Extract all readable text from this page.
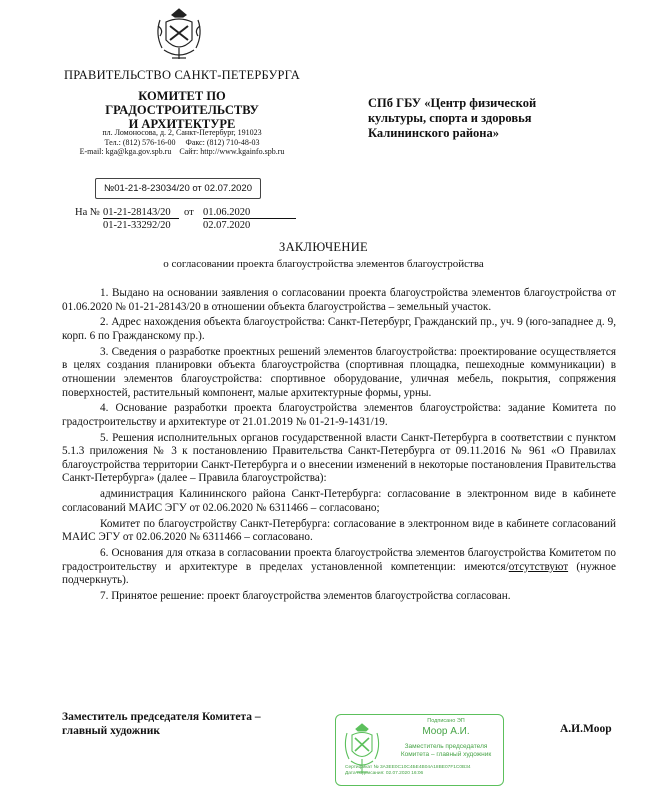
ПРАВИТЕЛЬСТВО САНКТ-ПЕТЕРБУРГА
КОМИТЕТ ПО ГРАДОСТРОИТЕЛЬСТВУ
И АРХИТЕКТУРЕ
пл. Ломоносова, д. 2, Санкт-Петербург, 191023
Тел.: (812) 576-16-00 Факс: (812) 710-48-03
E-mail: kga@kga.gov.spb.ru Сайт: http://www.kgainfo.spb.ru
СПб ГБУ «Центр физической
культуры, спорта и здоровья
Калининского района»
№01-21-8-23034/20 от 02.07.2020
На № 01-21-28143/20	от 01.06.2020
01-21-33292/20	02.07.2020
ЗАКЛЮЧЕНИЕ
о согласовании проекта благоустройства элементов благоустройства

1. Выдано на основании заявления о согласовании проекта благоустройства элементов благоустройства от 01.06.2020 № 01-21-28143/20 в отношении объекта благоустройства – земельный участок.

2. Адрес нахождения объекта благоустройства: Санкт-Петербург, Гражданский пр., уч. 9 (юго-западнее д. 9, корп. 6 по Гражданскому пр.).

3. Сведения о разработке проектных решений элементов благоустройства: проектирование осуществляется в целях создания планировки объекта благоустройства (спортивная площадка, пешеходные коммуникации) в отношении элементов благоустройства: спортивное оборудование, уличная мебель, покрытия, сопряжения поверхностей, растительный компонент, малые архитектурные формы, урны.

4. Основание разработки проекта благоустройства элементов благоустройства: задание Комитета по градостроительству и архитектуре от 21.01.2019 № 01-21-9-1431/19.

5. Решения исполнительных органов государственной власти Санкт-Петербурга в соответствии с пунктом 5.1.3 приложения № 3 к постановлению Правительства Санкт-Петербурга от 09.11.2016 № 961 «О Правилах благоустройства территории Санкт-Петербурга и о внесении изменений в некоторые постановления Правительства Санкт-Петербурга» (далее – Правила благоустройства):

администрация Калининского района Санкт-Петербурга: согласование в электронном виде в кабинете согласований МАИС ЭГУ от 02.06.2020 № 6311466 – согласовано;

Комитет по благоустройству Санкт-Петербурга: согласование в электронном виде в кабинете согласований МАИС ЭГУ от 02.06.2020 № 6311466 – согласовано.

6. Основания для отказа в согласовании проекта благоустройства элементов благоустройства Комитетом по градостроительству и архитектуре в пределах установленной компетенции: имеются/отсутствуют (нужное подчеркнуть).

7. Принятое решение: проект благоустройства элементов благоустройства согласован.

Заместитель председателя Комитета –
главный художник
Подписано ЭП
Моор А.И.
Заместитель председателя
Комитета – главный художник
Сертификат № 3А3ЕЕ0С10С4БЕ4В04А18ВЕ07F1С0В34
Дата подписания: 02.07.2020 16:06
А.И.Моор
